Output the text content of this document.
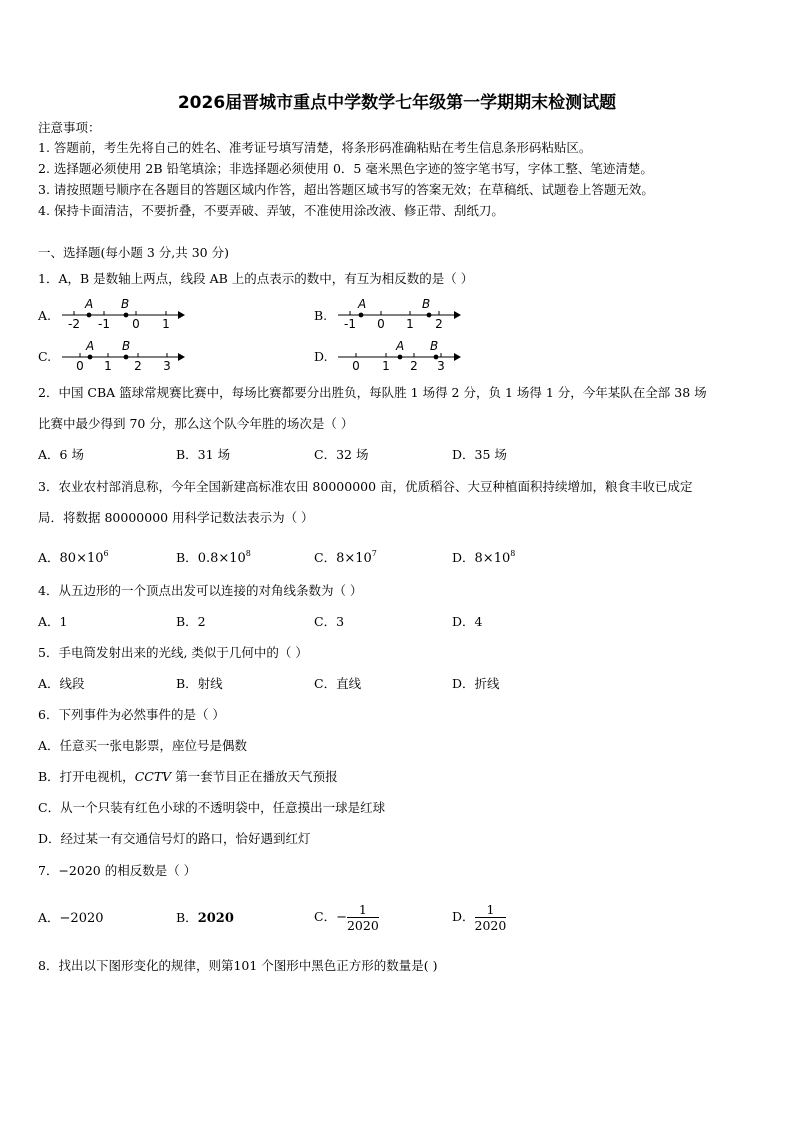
2026届晋城市重点中学数学七年级第一学期期末检测试题
注意事项：
1. 答题前，考生先将自己的姓名、准考证号填写清楚，将条形码准确粘贴在考生信息条形码粘贴区。
2. 选择题必须使用 2B 铅笔填涂；非选择题必须使用 0．5 毫米黑色字迹的签字笔书写，字体工整、笔迹清楚。
3. 请按照题号顺序在各题目的答题区域内作答，超出答题区域书写的答案无效；在草稿纸、试题卷上答题无效。
4. 保持卡面清洁，不要折叠，不要弄破、弄皱，不准使用涂改液、修正带、刮纸刀。
一、选择题(每小题 3 分,共 30 分)
1．A，B 是数轴上两点，线段 AB 上的点表示的数中，有互为相反数的是（ ）
A.
A B
-2 -1 0 1
B.
A	B
-1 0 1 2
C.
A B
0 1 2 3
D.
A B
0 1 2 3
2．中国 CBA 篮球常规赛比赛中，每场比赛都要分出胜负，每队胜 1 场得 2 分，负 1 场得 1 分，今年某队在全部 38 场
比赛中最少得到 70 分，那么这个队今年胜的场次是（ ）
A．6 场	B．31 场	C．32 场	D．35 场
3．农业农村部消息称，今年全国新建高标准农田 80000000 亩，优质稻谷、大豆种植面积持续增加，粮食丰收已成定
局．将数据 80000000 用科学记数法表示为（ ）
A．$80\times 10^6$	B．$0.8\times 10^8$	C．$8\times 10^7$	D．$8\times 10^8$
4．从五边形的一个顶点出发可以连接的对角线条数为（ ）
A．1	B．2	C．3	D．4
5．手电筒发射出来的光线, 类似于几何中的（ ）
A．线段	B．射线	C．直线	D．折线
6．下列事件为必然事件的是（ ）
A．任意买一张电影票，座位号是偶数
B．打开电视机，CCTV 第一套节目正在播放天气预报
C．从一个只装有红色小球的不透明袋中，任意摸出一球是红球
D．经过某一有交通信号灯的路口，恰好遇到红灯
7．−2020 的相反数是（ ）
A．−2020	B．2020	C．− $\frac{1}{2020}$	D． $\frac{1}{2020}$
8．找出以下图形变化的规律，则第101 个图形中黑色正方形的数量是( )
